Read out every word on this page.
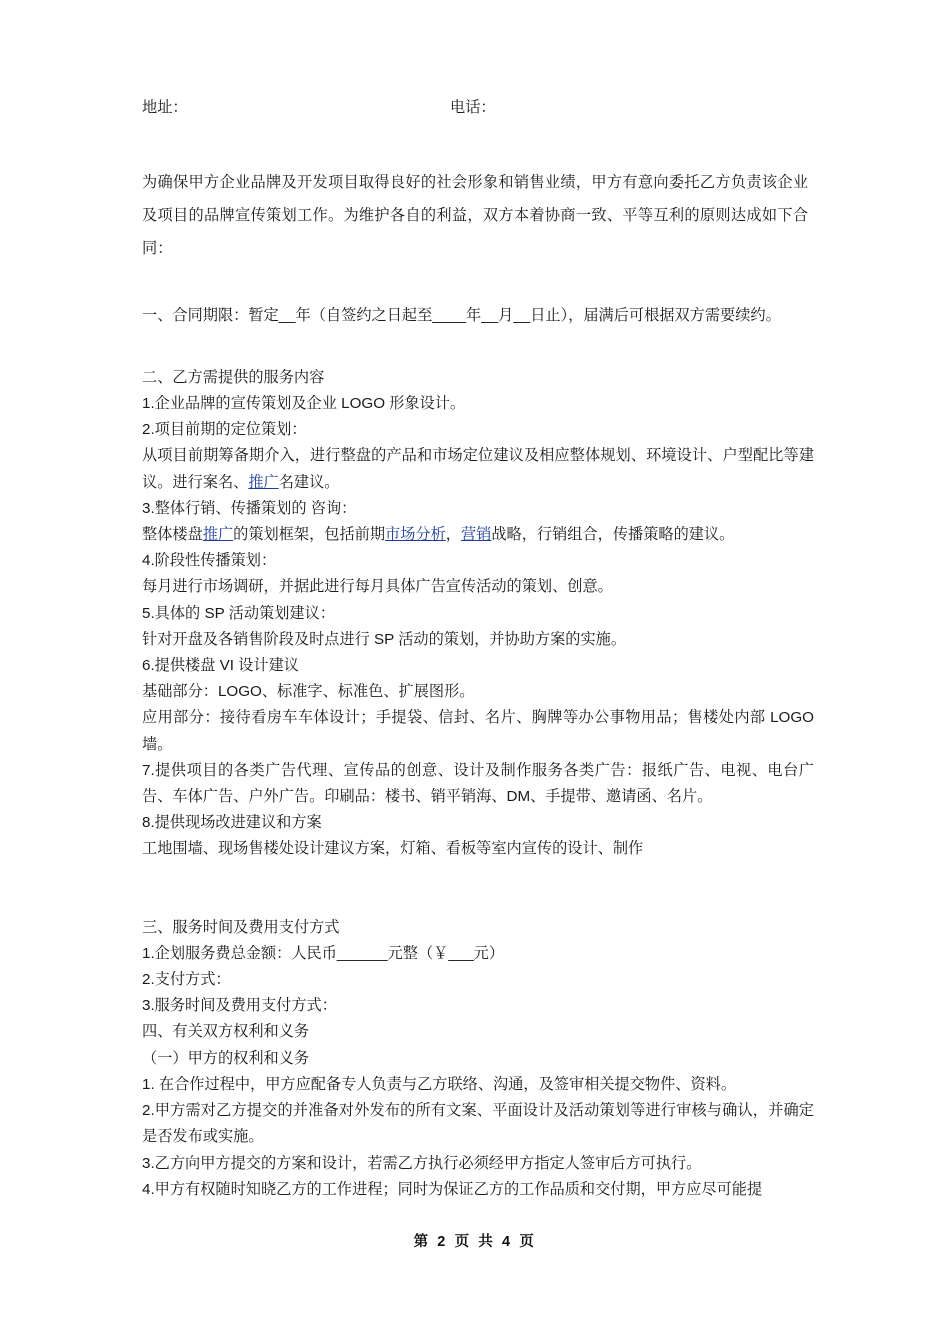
地址：	电话：

为确保甲方企业品牌及开发项目取得良好的社会形象和销售业绩，甲方有意向委托乙方负责该企业及项目的品牌宣传策划工作。为维护各自的利益，双方本着协商一致、平等互利的原则达成如下合同：

一、合同期限：暂定__年（自签约之日起至____年__月__日止），届满后可根据双方需要续约。

二、乙方需提供的服务内容

1.企业品牌的宣传策划及企业 LOGO 形象设计。

2.项目前期的定位策划：

从项目前期筹备期介入，进行整盘的产品和市场定位建议及相应整体规划、环境设计、户型配比等建议。进行案名、推广名建议。

3.整体行销、传播策划的 咨询：

整体楼盘推广的策划框架，包括前期市场分析，营销战略，行销组合，传播策略的建议。

4.阶段性传播策划：

每月进行市场调研，并据此进行每月具体广告宣传活动的策划、创意。

5.具体的 SP 活动策划建议：

针对开盘及各销售阶段及时点进行 SP 活动的策划，并协助方案的实施。

6.提供楼盘 VI 设计建议

基础部分：LOGO、标准字、标准色、扩展图形。

应用部分：接待看房车车体设计；手提袋、信封、名片、胸牌等办公事物用品；售楼处内部 LOGO 墙。

7.提供项目的各类广告代理、宣传品的创意、设计及制作服务各类广告：报纸广告、电视、电台广告、车体广告、户外广告。印刷品：楼书、销平销海、DM、手提带、邀请函、名片。

8.提供现场改进建议和方案

工地围墙、现场售楼处设计建议方案，灯箱、看板等室内宣传的设计、制作

三、服务时间及费用支付方式

1.企划服务费总金额：人民币______元整（￥___元）

2.支付方式：

3.服务时间及费用支付方式：

四、有关双方权利和义务

（一）甲方的权利和义务

1. 在合作过程中，甲方应配备专人负责与乙方联络、沟通，及签审相关提交物件、资料。

2.甲方需对乙方提交的并准备对外发布的所有文案、平面设计及活动策划等进行审核与确认，并确定是否发布或实施。

3.乙方向甲方提交的方案和设计，若需乙方执行必须经甲方指定人签审后方可执行。

4.甲方有权随时知晓乙方的工作进程；同时为保证乙方的工作品质和交付期，甲方应尽可能提

第 2 页 共 4 页
